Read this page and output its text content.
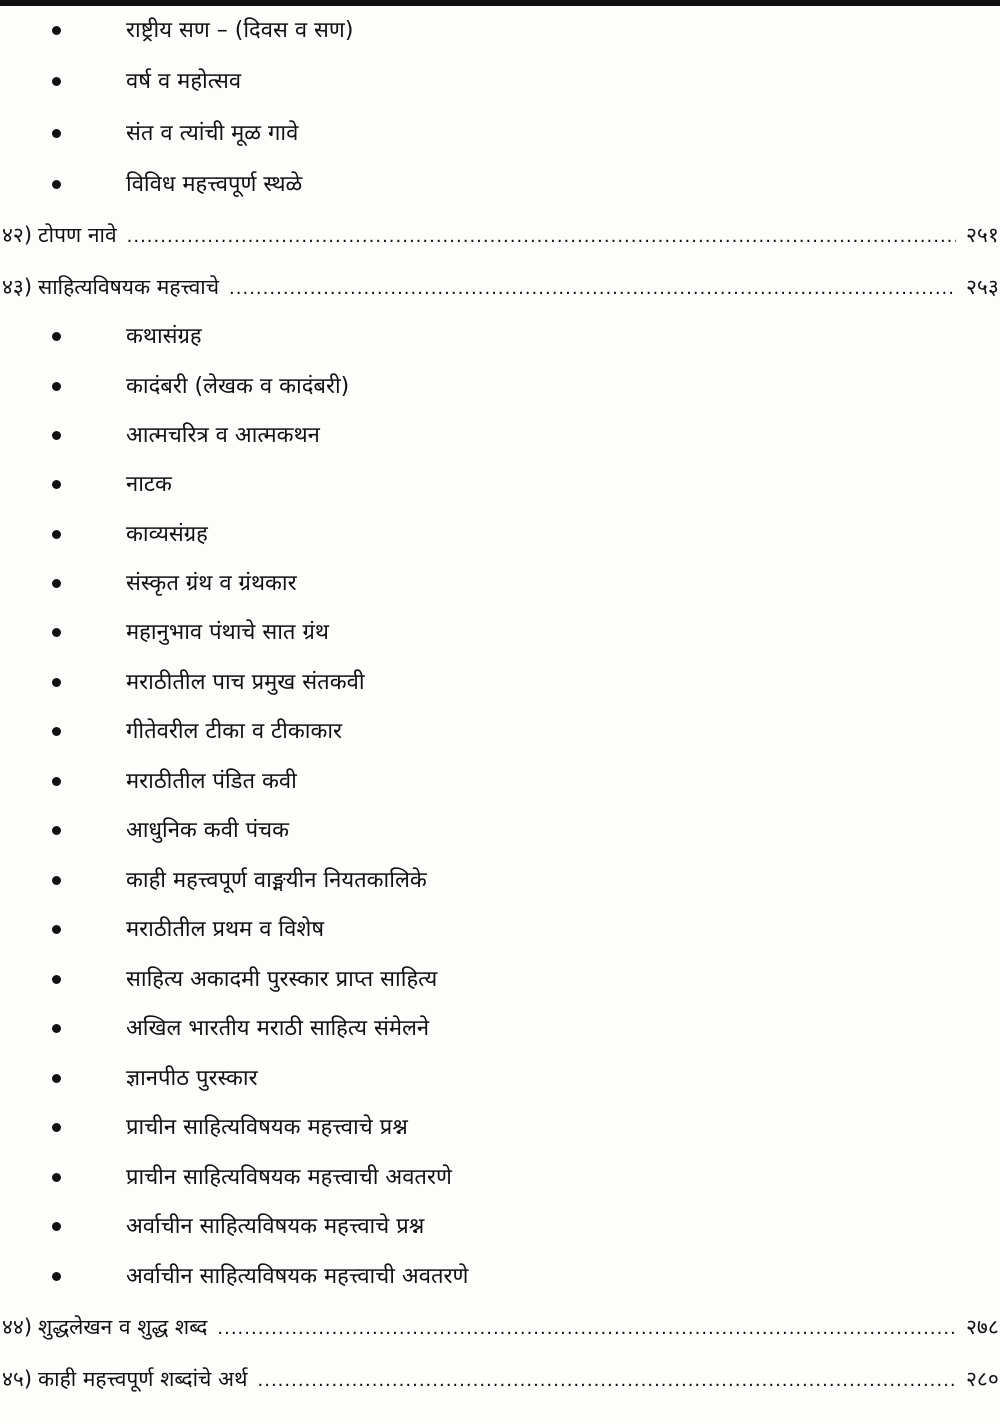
राष्ट्रीय सण – (दिवस व सण)
वर्ष व महोत्सव
संत व त्यांची मूळ गावे
विविध महत्त्वपूर्ण स्थळे
४२) टोपण नावे .....	२५१
४३) साहित्यविषयक महत्त्वाचे .....	२५३
कथासंग्रह
कादंबरी (लेखक व कादंबरी)
आत्मचरित्र व आत्मकथन
नाटक
काव्यसंग्रह
संस्कृत ग्रंथ व ग्रंथकार
महानुभाव पंथाचे सात ग्रंथ
मराठीतील पाच प्रमुख संतकवी
गीतेवरील टीका व टीकाकार
मराठीतील पंडित कवी
आधुनिक कवी पंचक
काही महत्त्वपूर्ण वाङ्मयीन नियतकालिके
मराठीतील प्रथम व विशेष
साहित्य अकादमी पुरस्कार प्राप्त साहित्य
अखिल भारतीय मराठी साहित्य संमेलने
ज्ञानपीठ पुरस्कार
प्राचीन साहित्यविषयक महत्त्वाचे प्रश्न
प्राचीन साहित्यविषयक महत्त्वाची अवतरणे
अर्वाचीन साहित्यविषयक महत्त्वाचे प्रश्न
अर्वाचीन साहित्यविषयक महत्त्वाची अवतरणे
४४) शुद्धलेखन व शुद्ध शब्द .....	२७८
४५) काही महत्त्वपूर्ण शब्दांचे अर्थ .....	२८०
